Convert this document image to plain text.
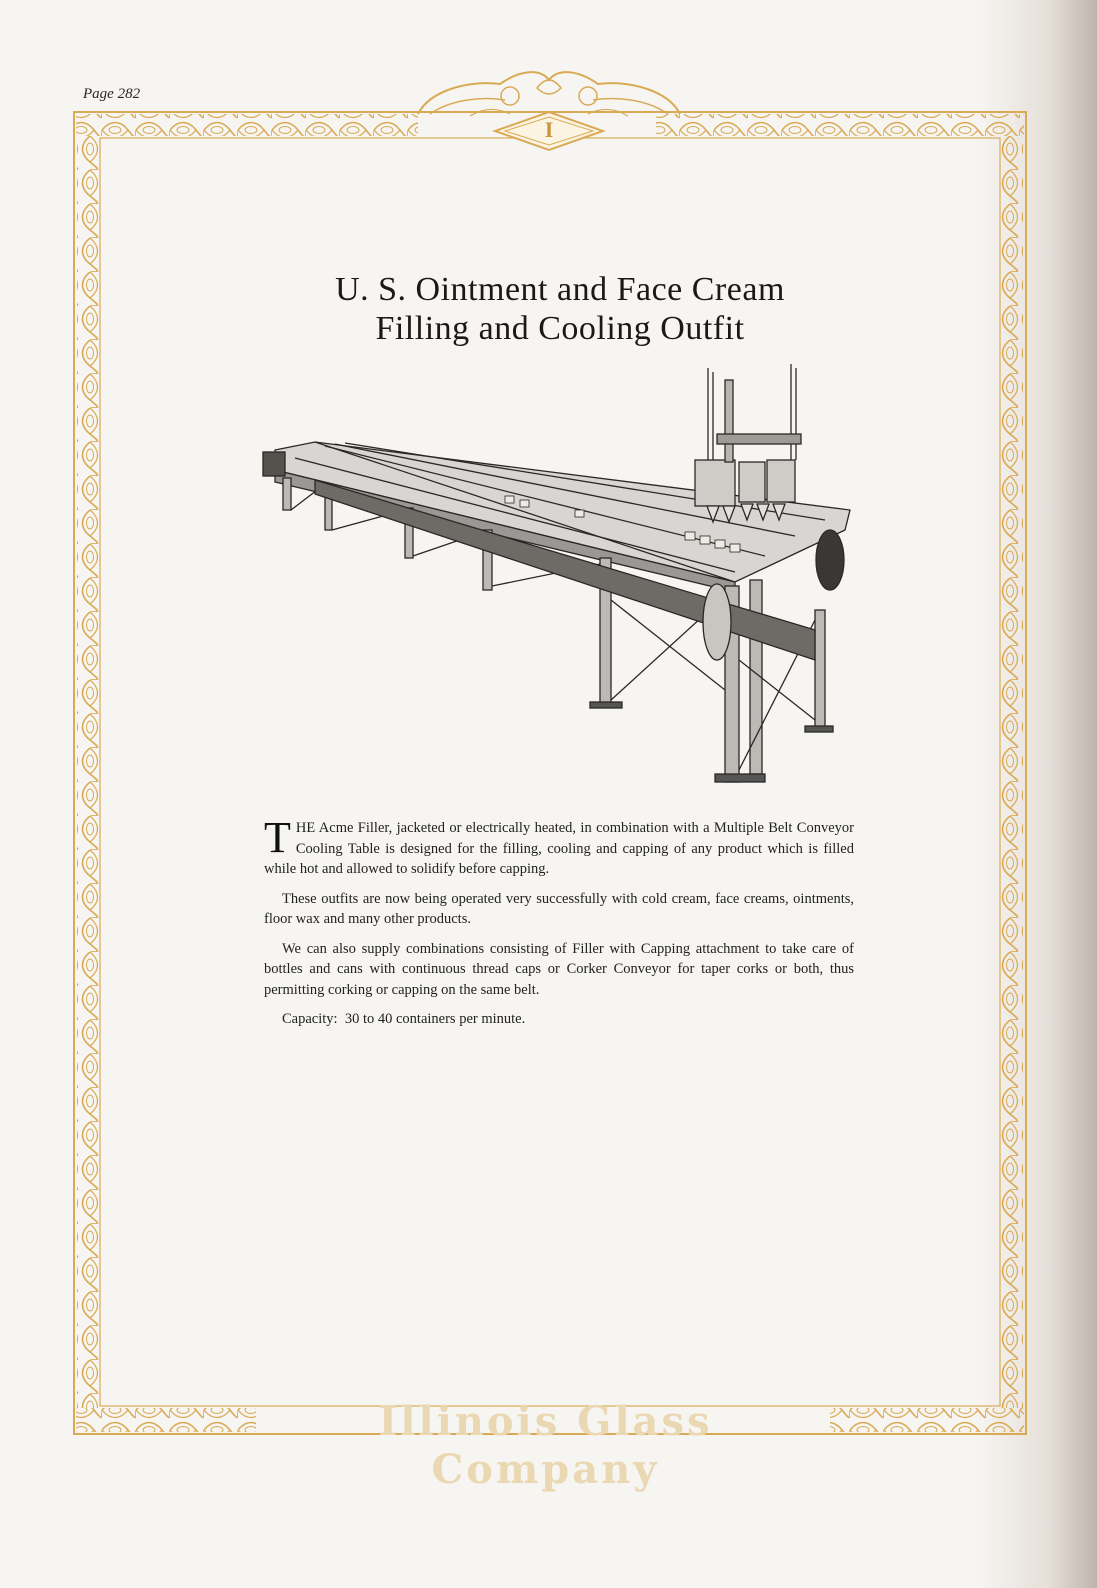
Page 282
I
U. S. Ointment and Face Cream
Filling and Cooling Outfit

THE Acme Filler, jacketed or electrically heated, in combination with a Multiple Belt Conveyor Cooling Table is designed for the filling, cooling and capping of any product which is filled while hot and allowed to solidify before capping.

These outfits are now being operated very successfully with cold cream, face creams, ointments, floor wax and many other products.

We can also supply combinations consisting of Filler with Capping attachment to take care of bottles and cans with continuous thread caps or Corker Conveyor for taper corks or both, thus permitting corking or capping on the same belt.

Capacity: 30 to 40 containers per minute.

Illinois Glass Company
